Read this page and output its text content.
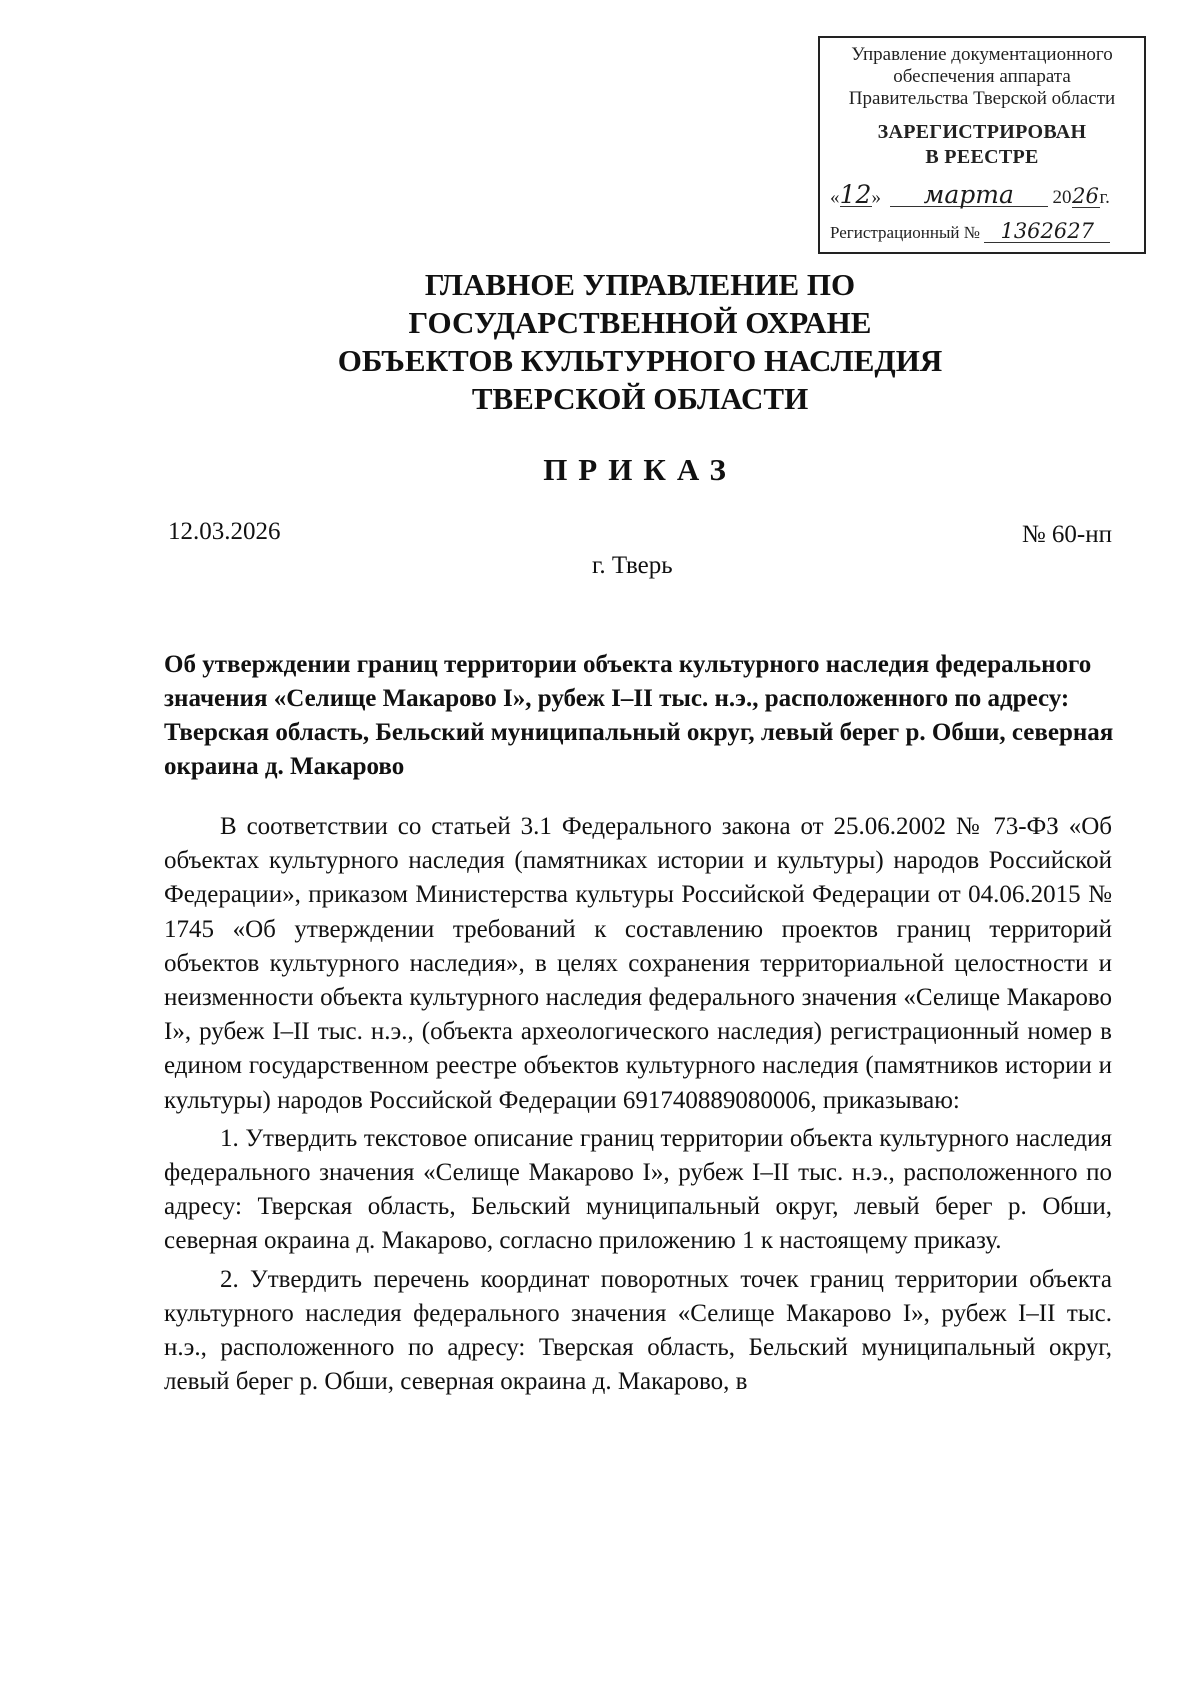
Управление документационного
обеспечения аппарата
Правительства Тверской области
ЗАРЕГИСТРИРОВАН
В РЕЕСТРЕ
«12» марта 2026г.
Регистрационный № 1362627
ГЛАВНОЕ УПРАВЛЕНИЕ ПО
ГОСУДАРСТВЕННОЙ ОХРАНЕ
ОБЪЕКТОВ КУЛЬТУРНОГО НАСЛЕДИЯ
ТВЕРСКОЙ ОБЛАСТИ
ПРИКАЗ
12.03.2026	№ 60-нп
г. Тверь
Об утверждении границ территории объекта культурного наследия федерального значения «Селище Макарово I», рубеж I–II тыс. н.э., расположенного по адресу: Тверская область, Бельский муниципальный округ, левый берег р. Обши, северная окраина д. Макарово

В соответствии со статьей 3.1 Федерального закона от 25.06.2002 № 73-ФЗ «Об объектах культурного наследия (памятниках истории и культуры) народов Российской Федерации», приказом Министерства культуры Российской Федерации от 04.06.2015 № 1745 «Об утверждении требований к составлению проектов границ территорий объектов культурного наследия», в целях сохранения территориальной целостности и неизменности объекта культурного наследия федерального значения «Селище Макарово I», рубеж I–II тыс. н.э., (объекта археологического наследия) регистрационный номер в едином государственном реестре объектов культурного наследия (памятников истории и культуры) народов Российской Федерации 691740889080006, приказываю:

1. Утвердить текстовое описание границ территории объекта культурного наследия федерального значения «Селище Макарово I», рубеж I–II тыс. н.э., расположенного по адресу: Тверская область, Бельский муниципальный округ, левый берег р. Обши, северная окраина д. Макарово, согласно приложению 1 к настоящему приказу.

2. Утвердить перечень координат поворотных точек границ территории объекта культурного наследия федерального значения «Селище Макарово I», рубеж I–II тыс. н.э., расположенного по адресу: Тверская область, Бельский муниципальный округ, левый берег р. Обши, северная окраина д. Макарово, в
